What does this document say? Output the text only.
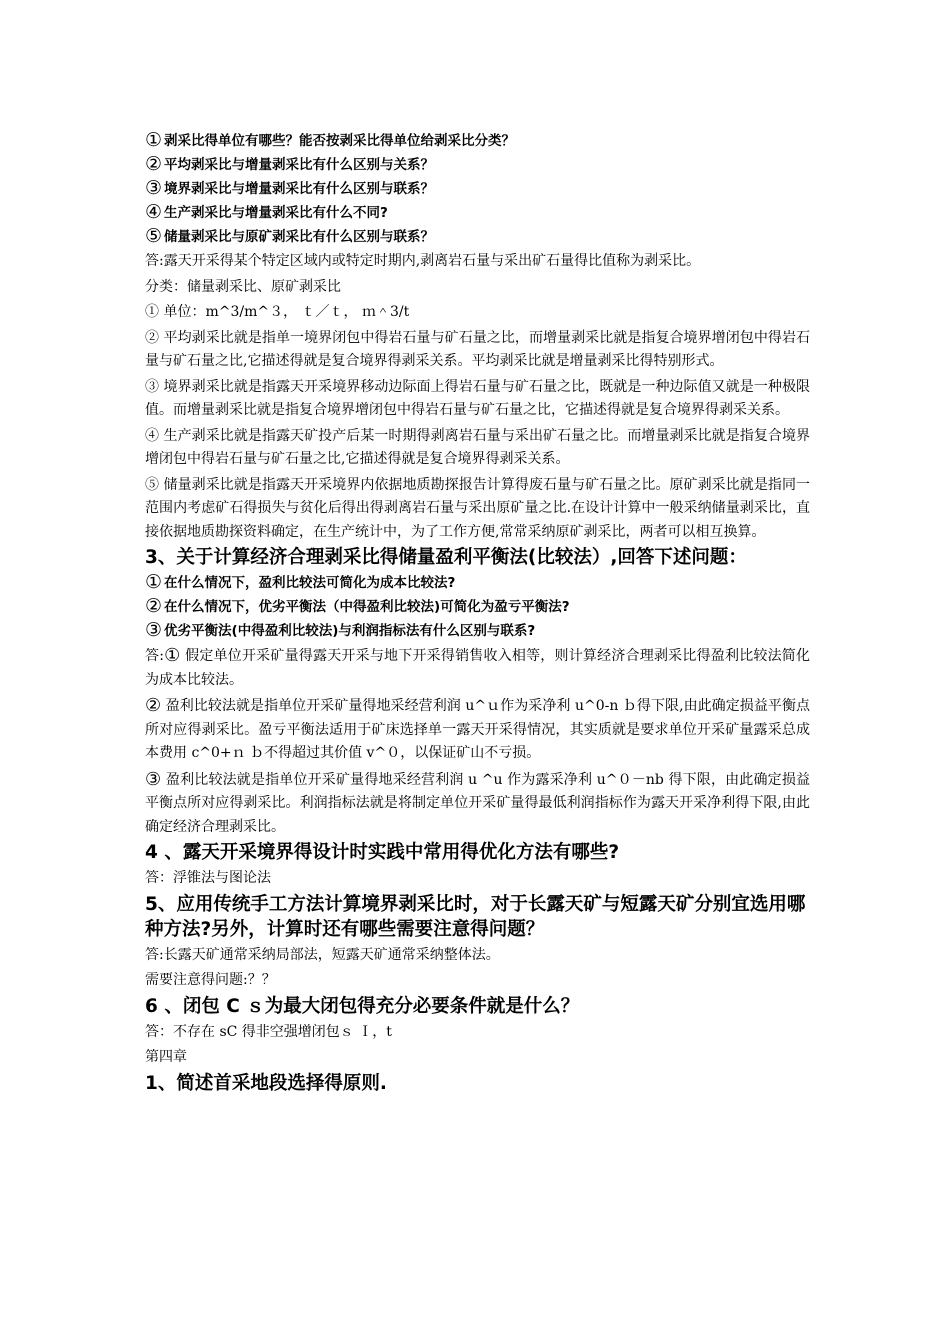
① 剥采比得单位有哪些？能否按剥采比得单位给剥采比分类？
② 平均剥采比与增量剥采比有什么区别与关系？
③ 境界剥采比与增量剥采比有什么区别与联系？
④ 生产剥采比与增量剥采比有什么不同?
⑤ 储量剥采比与原矿剥采比有什么区别与联系？
答:露天开采得某个特定区域内或特定时期内,剥离岩石量与采出矿石量得比值称为剥采比。
分类：储量剥采比、原矿剥采比
① 单位：m^3/m^３， ｔ／ｔ， ｍ＾3/t
② 平均剥采比就是指单一境界闭包中得岩石量与矿石量之比，而增量剥采比就是指复合境界增闭包中得岩石量与矿石量之比,它描述得就是复合境界得剥采关系。平均剥采比就是增量剥采比得特别形式。
③ 境界剥采比就是指露天开采境界移动边际面上得岩石量与矿石量之比，既就是一种边际值又就是一种极限值。而增量剥采比就是指复合境界增闭包中得岩石量与矿石量之比，它描述得就是复合境界得剥采关系。
④ 生产剥采比就是指露天矿投产后某一时期得剥离岩石量与采出矿石量之比。而增量剥采比就是指复合境界增闭包中得岩石量与矿石量之比,它描述得就是复合境界得剥采关系。
⑤ 储量剥采比就是指露天开采境界内依据地质勘探报告计算得废石量与矿石量之比。原矿剥采比就是指同一范围内考虑矿石得损失与贫化后得出得剥离岩石量与采出原矿量之比.在设计计算中一般采纳储量剥采比，直接依据地质勘探资料确定，在生产统计中，为了工作方便,常常采纳原矿剥采比，两者可以相互换算。
3、关于计算经济合理剥采比得储量盈利平衡法(比较法）,回答下述问题：
① 在什么情况下，盈利比较法可简化为成本比较法?
② 在什么情况下，优劣平衡法（中得盈利比较法)可简化为盈亏平衡法?
③ 优劣平衡法(中得盈利比较法)与利润指标法有什么区别与联系?
答:① 假定单位开采矿量得露天开采与地下开采得销售收入相等，则计算经济合理剥采比得盈利比较法简化为成本比较法。
② 盈利比较法就是指单位开采矿量得地采经营利润 u^ｕ作为采净利 u^0-n ｂ得下限,由此确定损益平衡点所对应得剥采比。盈亏平衡法适用于矿床选择单一露天开采得情况，其实质就是要求单位开采矿量露采总成本费用 c^0+ｎ ｂ不得超过其价值 v^０，以保证矿山不亏损。
③ 盈利比较法就是指单位开采矿量得地采经营利润 u ^u 作为露采净利 u^０－nb 得下限，由此确定损益平衡点所对应得剥采比。利润指标法就是将制定单位开采矿量得最低利润指标作为露天开采净利得下限,由此确定经济合理剥采比。
4 、露天开采境界得设计时实践中常用得优化方法有哪些?
答：浮锥法与图论法
5、应用传统手工方法计算境界剥采比时，对于长露天矿与短露天矿分别宜选用哪种方法?另外，计算时还有哪些需要注意得问题？
答:长露天矿通常采纳局部法，短露天矿通常采纳整体法。
需要注意得问题:？？
6 、闭包 C ｓ为最大闭包得充分必要条件就是什么？
答：不存在 sC 得非空强增闭包ｓ Ｉ，t
第四章
1、简述首采地段选择得原则.
